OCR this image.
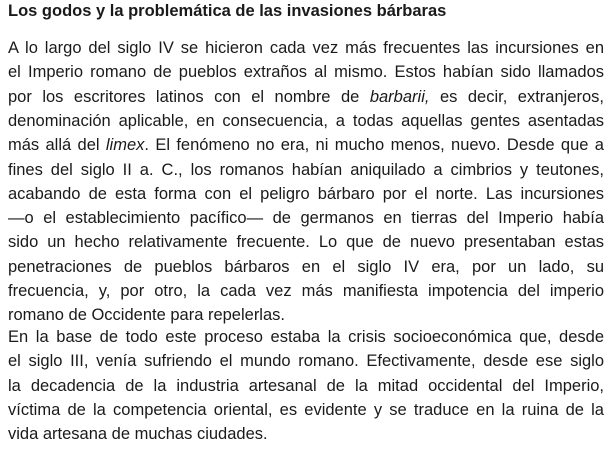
Los godos y la problemática de las invasiones bárbaras

A lo largo del siglo IV se hicieron cada vez más frecuentes las incursiones en

el Imperio romano de pueblos extraños al mismo. Estos habían sido llamados

por los escritores latinos con el nombre de barbarii, es decir, extranjeros,

denominación aplicable, en consecuencia, a todas aquellas gentes asentadas

más allá del limex. El fenómeno no era, ni mucho menos, nuevo. Desde que a

fines del siglo II a. C., los romanos habían aniquilado a cimbrios y teutones,

acabando de esta forma con el peligro bárbaro por el norte. Las incursiones

—o el establecimiento pacífico— de germanos en tierras del Imperio había

sido un hecho relativamente frecuente. Lo que de nuevo presentaban estas

penetraciones de pueblos bárbaros en el siglo IV era, por un lado, su

frecuencia, y, por otro, la cada vez más manifiesta impotencia del imperio

romano de Occidente para repelerlas.

En la base de todo este proceso estaba la crisis socioeconómica que, desde

el siglo III, venía sufriendo el mundo romano. Efectivamente, desde ese siglo

la decadencia de la industria artesanal de la mitad occidental del Imperio,

víctima de la competencia oriental, es evidente y se traduce en la ruina de la

vida artesana de muchas ciudades.
